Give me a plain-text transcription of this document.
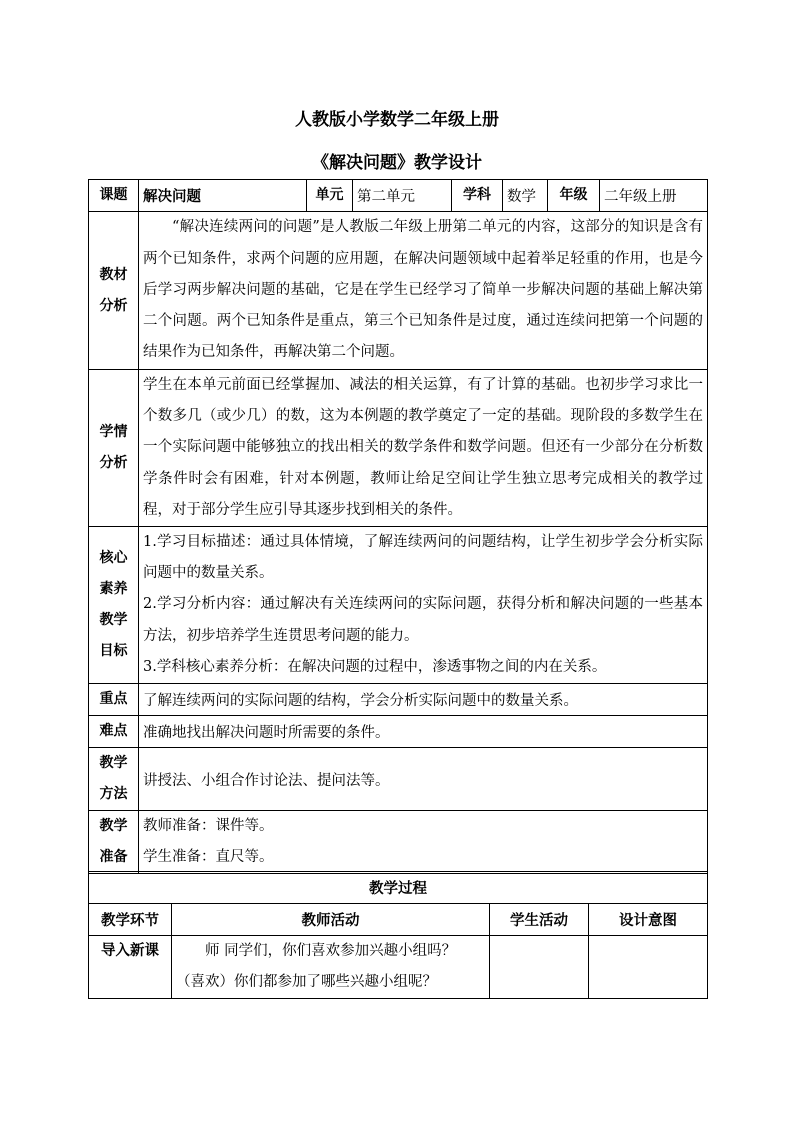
人教版小学数学二年级上册
《解决问题》教学设计
课题	解决问题	单元	第二单元	学科	数学	年级	二年级上册

教材分析	“解决连续两问的问题”是人教版二年级上册第二单元的内容，这部分的知识是含有两个已知条件，求两个问题的应用题，在解决问题领域中起着举足轻重的作用，也是今后学习两步解决问题的基础，它是在学生已经学习了简单一步解决问题的基础上解决第二个问题。两个已知条件是重点，第三个已知条件是过度，通过连续问把第一个问题的结果作为已知条件，再解决第二个问题。						

学情分析	学生在本单元前面已经掌握加、减法的相关运算，有了计算的基础。也初步学习求比一个数多几（或少几）的数，这为本例题的教学奠定了一定的基础。现阶段的多数学生在一个实际问题中能够独立的找出相关的数学条件和数学问题。但还有一少部分在分析数学条件时会有困难，针对本例题，教师让给足空间让学生独立思考完成相关的教学过程，对于部分学生应引导其逐步找到相关的条件。						

核心素养教学目标	1.学习目标描述：通过具体情境，了解连续两问的问题结构，让学生初步学会分析实际问题中的数量关系。
2.学习分析内容：通过解决有关连续两问的实际问题，获得分析和解决问题的一些基本方法，初步培养学生连贯思考问题的能力。
3.学科核心素养分析：在解决问题的过程中，渗透事物之间的内在关系。						

重点	了解连续两问的实际问题的结构，学会分析实际问题中的数量关系。						
难点	准确地找出解决问题时所需要的条件。						

教学方法	讲授法、小组合作讨论法、提问法等。						

教学准备	教师准备：课件等。
学生准备：直尺等。						
教学过程			
教学环节	教师活动	学生活动	设计意图
导入新课	师 同学们，你们喜欢参加兴趣小组吗？
（喜欢）你们都参加了哪些兴趣小组呢？		
